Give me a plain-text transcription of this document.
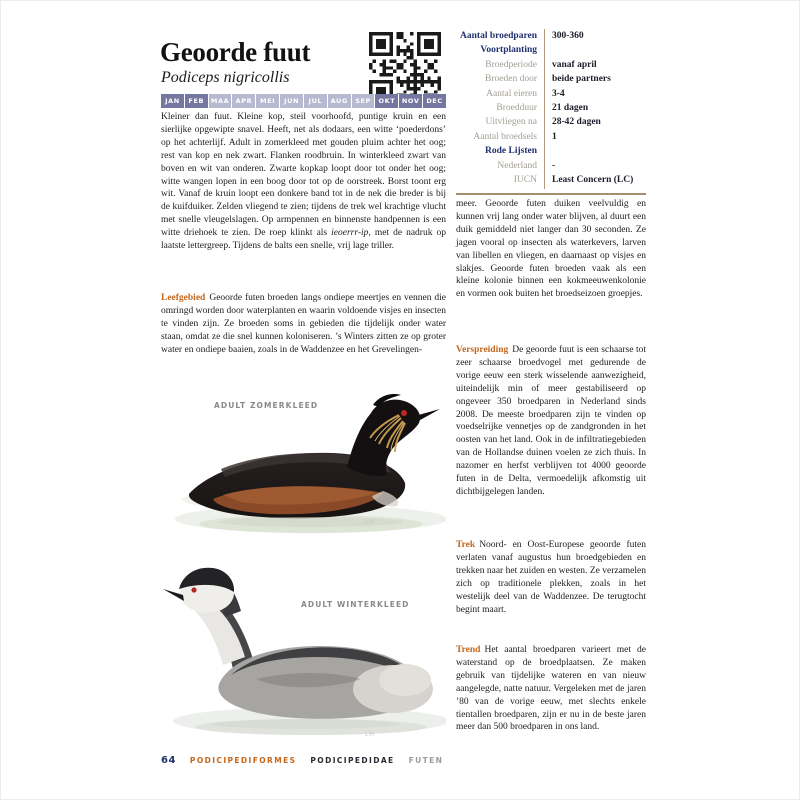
Geoorde fuut
Podiceps nigricollis
JAN	FEB	MAA APR	MEI	JUN	JUL	AUG	SEP	OKT	NOV	DEC

Kleiner dan fuut. Kleine kop, steil voorhoofd, puntige kruin en een sierlijke opgewipte snavel. Heeft, net als dodaars, een witte ‘poederdons’ op het achterlijf. Adult in zomerkleed met gouden pluim achter het oog; rest van kop en nek zwart. Flanken roodbruin. In winterkleed zwart van boven en wit van onderen. Zwarte kopkap loopt door tot onder het oog; witte wangen lopen in een boog door tot op de oorstreek. Borst toont erg wit. Vanaf de kruin loopt een donkere band tot in de nek die breder is bij de kuifduiker. Zelden vliegend te zien; tijdens de trek wel krachtige vlucht met snelle vleugelslagen. Op armpennen en binnenste handpennen is een witte driehoek te zien. De roep klinkt als ieoerrr-ip, met de nadruk op laatste lettergreep. Tijdens de balts een snelle, vrij lage triller.

Leefgebied Geoorde futen broeden langs ondiepe meertjes en vennen die omringd worden door waterplanten en waarin voldoende visjes en insecten te vinden zijn. Ze broeden soms in gebieden die tijdelijk onder water staan, omdat ze die snel kunnen koloniseren. ’s Winters zitten ze op groter water en ondiepe baaien, zoals in de Waddenzee en het Grevelingen-

ADULT ZOMERKLEED
LH
ADULT WINTERKLEED
LH
Aantal broedparen	300-360
Voortplanting
Broedperiode	vanaf april
Broeden door	beide partners
Aantal eieren	3-4
Broedduur	21 dagen
Uitvliegen na	28-42 dagen
Aantal broedsels	1
Rode Lijsten
Nederland	-
IUCN	Least Concern (LC)

meer. Geoorde futen duiken veelvuldig en kunnen vrij lang onder water blijven, al duurt een duik gemiddeld niet langer dan 30 seconden. Ze jagen vooral op insecten als waterkevers, larven van libellen en vliegen, en daarnaast op visjes en slakjes. Geoorde futen broeden vaak als een kleine kolonie binnen een kokmeeuwenkolonie en vormen ook buiten het broedseizoen groepjes.

Verspreiding De geoorde fuut is een schaarse tot zeer schaarse broedvogel met gedurende de vorige eeuw een sterk wisselende aanwezigheid, uiteindelijk min of meer gestabiliseerd op ongeveer 350 broedparen in Nederland sinds 2008. De meeste broedparen zijn te vinden op voedselrijke vennetjes op de zandgronden in het oosten van het land. Ook in de infiltratiegebieden van de Hollandse duinen voelen ze zich thuis. In nazomer en herfst verblijven tot 4000 geoorde futen in de Delta, vermoedelijk afkomstig uit dichtbijgelegen landen.

Trek Noord- en Oost-Europese geoorde futen verlaten vanaf augustus hun broedgebieden en trekken naar het zuiden en westen. Ze verzamelen zich op traditionele plekken, zoals in het westelijk deel van de Waddenzee. De terugtocht begint maart.

Trend Het aantal broedparen varieert met de waterstand op de broedplaatsen. Ze maken gebruik van tijdelijke wateren en van nieuw aangelegde, natte natuur. Vergeleken met de jaren ’80 van de vorige eeuw, met slechts enkele tientallen broedparen, zijn er nu in de beste jaren meer dan 500 broedparen in ons land.

64 PODICIPEDIFORMES PODICIPEDIDAE FUTEN
